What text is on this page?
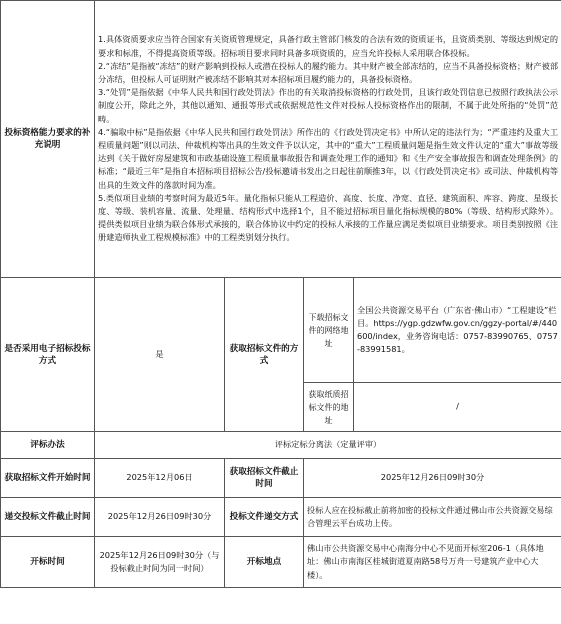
投标资格能力要求的补充说明	1.具体资质要求应当符合国家有关资质管理规定，具备行政主管部门核发的合法有效的资质证书，且资质类别、等级达到规定的要求和标准，不得提高资质等级。招标项目要求同时具备多项资质的，应当允许投标人采用联合体投标。

2.“冻结”是指被“冻结”的财产影响到投标人或潜在投标人的履约能力。其中财产被全部冻结的，应当不具备投标资格；财产被部分冻结，但投标人可证明财产被冻结不影响其对本招标项目履约能力的，具备投标资格。

3.“处罚”是指依据《中华人民共和国行政处罚法》作出的有关取消投标资格的行政处罚，且该行政处罚信息已按照行政执法公示制度公开，除此之外，其他以通知、通报等形式或依据规范性文件对投标人投标资格作出的限制，不属于此处所指的“处罚”范畴。

4.“骗取中标”是指依据《中华人民共和国行政处罚法》所作出的《行政处罚决定书》中所认定的违法行为；“严重违约及重大工程质量问题”则以司法、仲裁机构等出具的生效文件予以认定，其中的“重大”工程质量问题是指生效文件认定的“重大”事故等级达到《关于做好房屋建筑和市政基础设施工程质量事故报告和调查处理工作的通知》和《生产安全事故报告和调查处理条例》的标准；“最近三年”是指自本招标项目招标公告/投标邀请书发出之日起往前顺推3年，以《行政处罚决定书》或司法、仲裁机构等出具的生效文件的落款时间为准。

5.类似项目业绩的考察时间为最近5年。量化指标只能从工程造价、高度、长度、净宽、直径、建筑面积、库容、跨度、星级长度、等级、装机容量、流量、处理量、结构形式中选择1个，且不能过招标项目量化指标规模的80%（等级、结构形式除外）。提供类似项目业绩为联合体形式承接的，联合体协议中约定的投标人承接的工作量应满足类似项目业绩要求。项目类别按照《注册建造师执业工程规模标准》中的工程类别划分执行。			

是否采用电子招标投标方式	是	获取招标文件的方式	下载招标文件的网络地址	全国公共资源交易平台（广东省·佛山市）“工程建设”栏目。https://ygp.gdzwfw.gov.cn/ggzy-portal/#/440600/index，业务咨询电话：0757-83990765、0757-83991581。
			获取纸质招标文件的地址	/
评标办法	评标定标分离法（定量评审）			
获取招标文件开始时间	2025年12月06日	获取招标文件截止时间	2025年12月26日09时30分	
递交投标文件截止时间	2025年12月26日09时30分	投标文件递交方式	投标人应在投标截止前将加密的投标文件通过佛山市公共资源交易综合管理云平台成功上传。	
开标时间	2025年12月26日09时30分（与投标截止时间为同一时间）	开标地点	佛山市公共资源交易中心南海分中心不见面开标室206-1（具体地址：佛山市南海区桂城街道夏南路58号万舟一号建筑产业中心大楼）。	
